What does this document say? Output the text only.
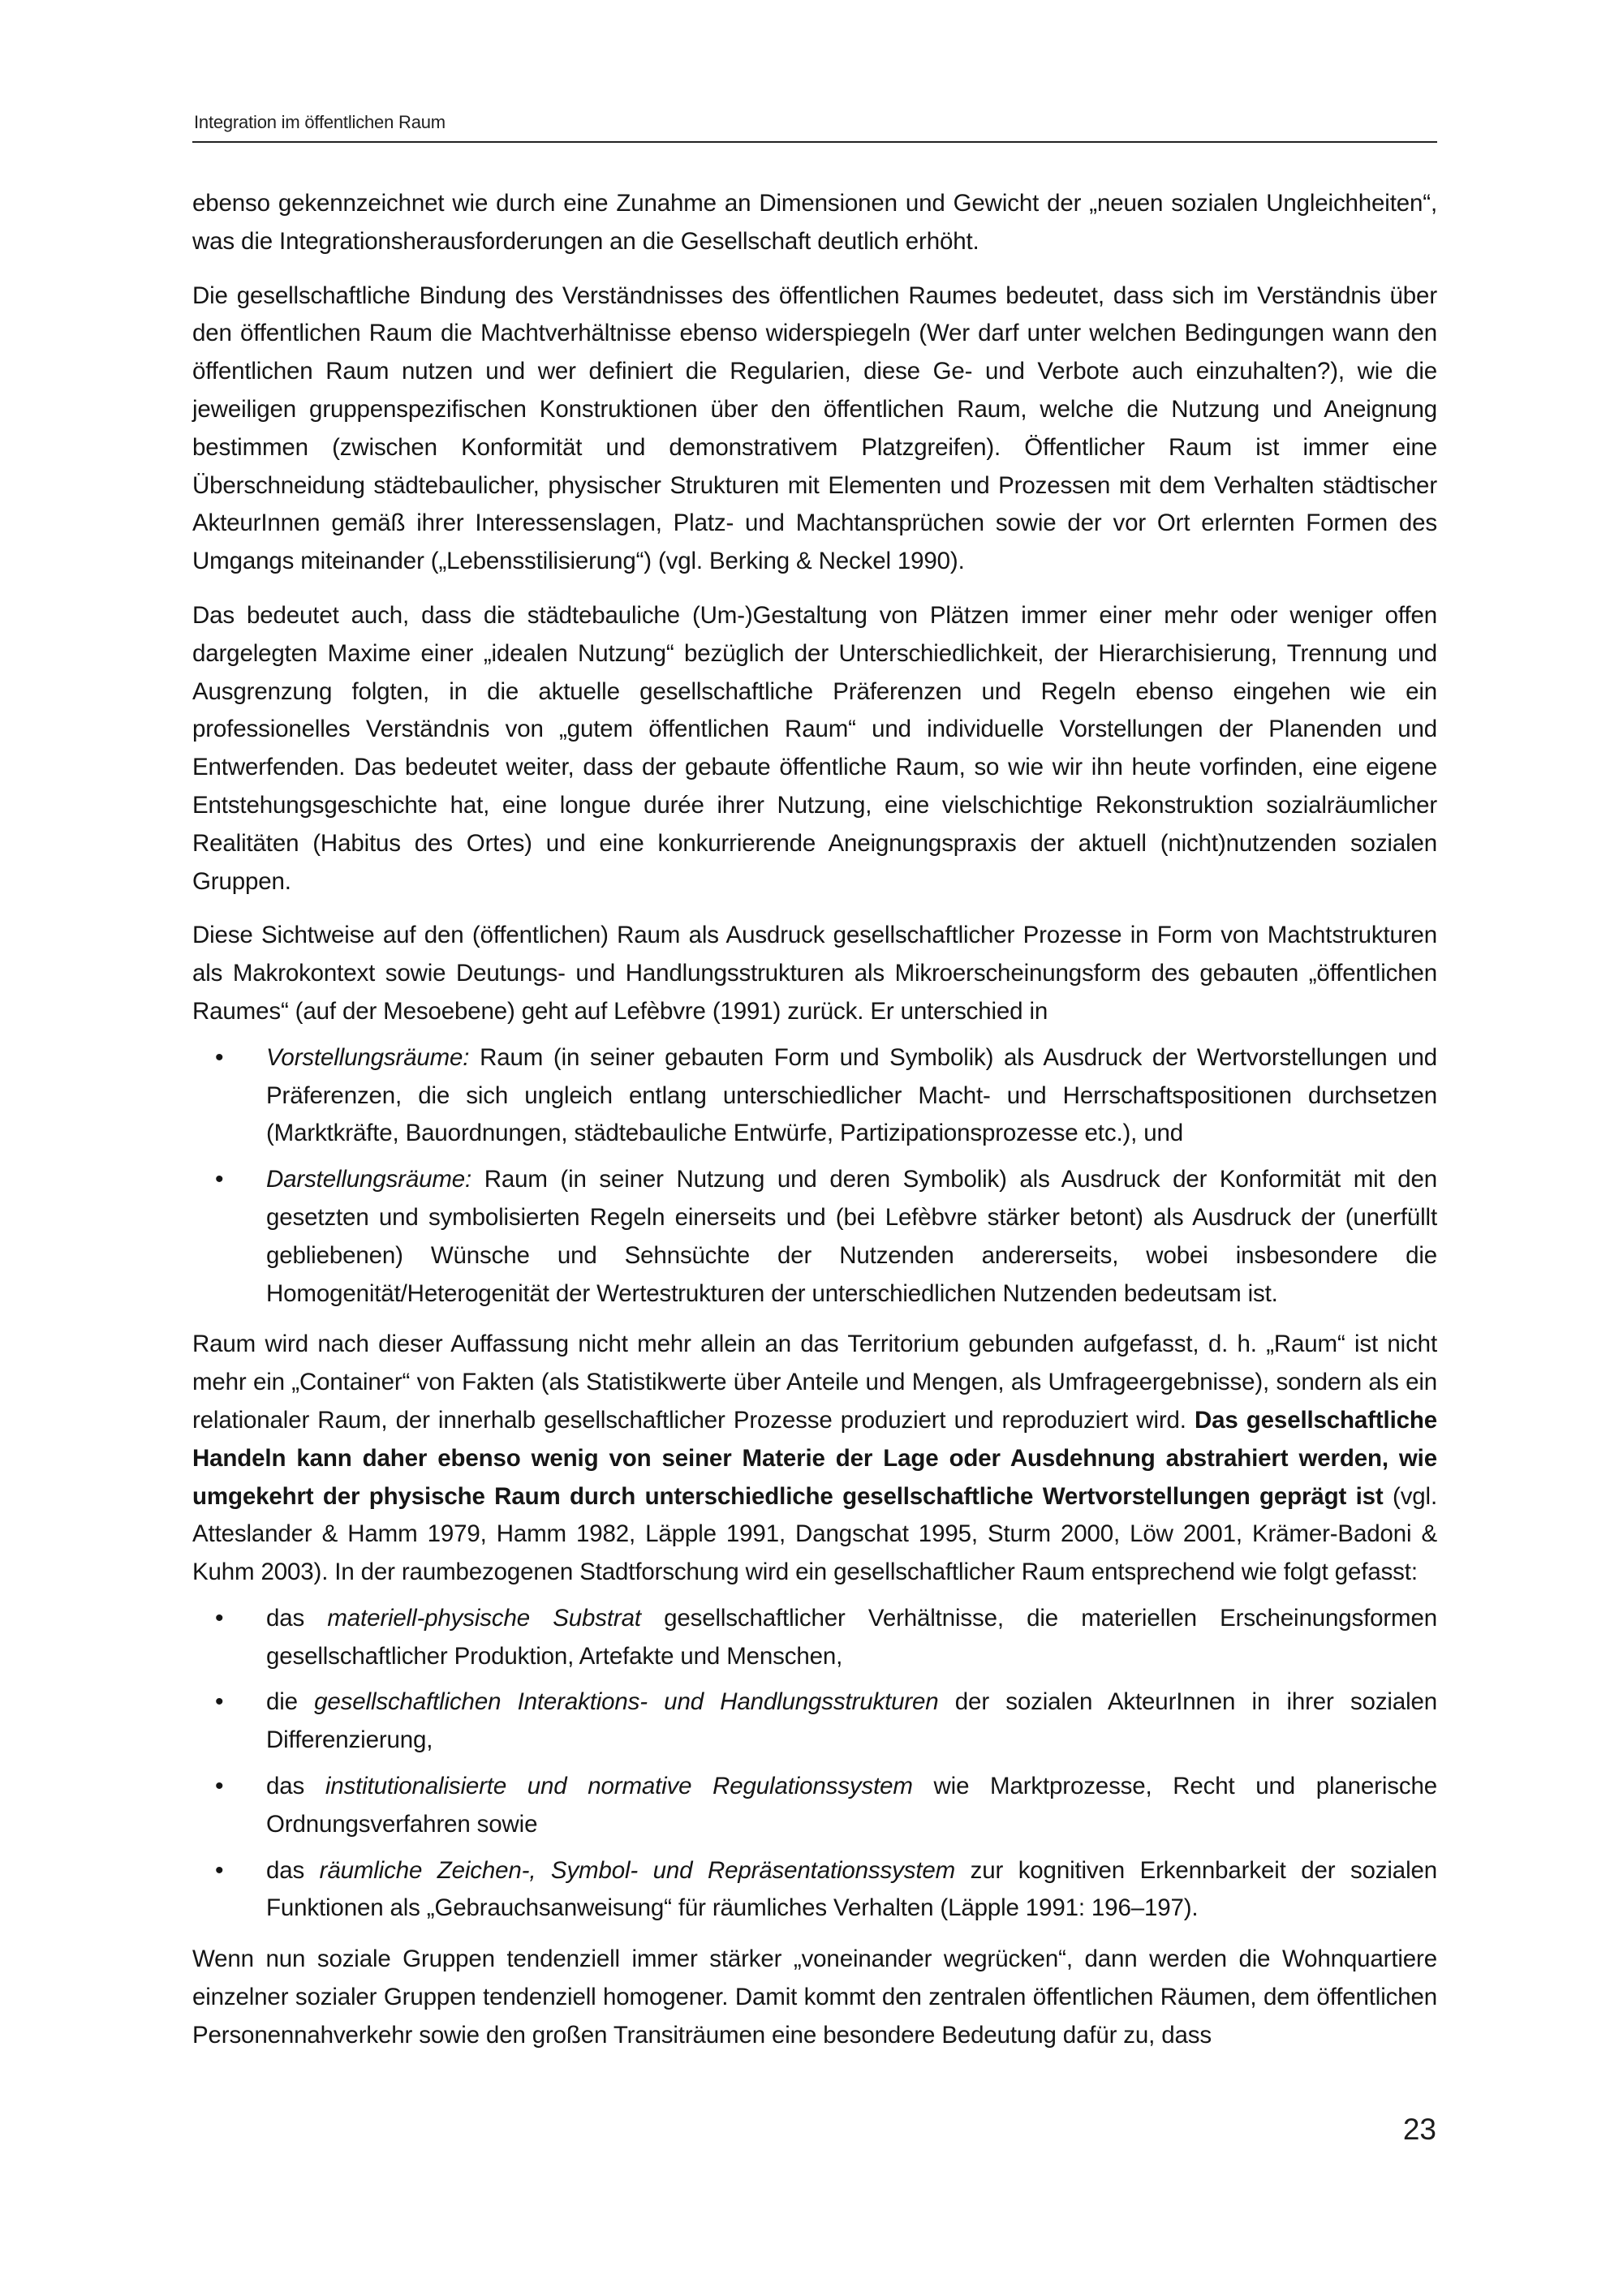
Integration im öffentlichen Raum

ebenso gekennzeichnet wie durch eine Zunahme an Dimensionen und Gewicht der „neuen sozialen Ungleichheiten“, was die Integrationsherausforderungen an die Gesellschaft deutlich erhöht.

Die gesellschaftliche Bindung des Verständnisses des öffentlichen Raumes bedeutet, dass sich im Verständnis über den öffentlichen Raum die Machtverhältnisse ebenso widerspiegeln (Wer darf unter welchen Bedingungen wann den öffentlichen Raum nutzen und wer definiert die Regularien, diese Ge- und Verbote auch einzuhalten?), wie die jeweiligen gruppenspezifischen Konstruktionen über den öffentlichen Raum, welche die Nutzung und Aneignung bestimmen (zwischen Konformität und demonstrativem Platzgreifen). Öffentlicher Raum ist immer eine Überschneidung städtebaulicher, physischer Strukturen mit Elementen und Prozessen mit dem Verhalten städtischer AkteurInnen gemäß ihrer Interessenslagen, Platz- und Machtansprüchen sowie der vor Ort erlernten Formen des Umgangs miteinander („Lebensstilisierung“) (vgl. Berking & Neckel 1990).

Das bedeutet auch, dass die städtebauliche (Um-)Gestaltung von Plätzen immer einer mehr oder weniger offen dargelegten Maxime einer „idealen Nutzung“ bezüglich der Unterschiedlichkeit, der Hierarchisierung, Trennung und Ausgrenzung folgten, in die aktuelle gesellschaftliche Präferenzen und Regeln ebenso eingehen wie ein professionelles Verständnis von „gutem öffentlichen Raum“ und individuelle Vorstellungen der Planenden und Entwerfenden. Das bedeutet weiter, dass der gebaute öffentliche Raum, so wie wir ihn heute vorfinden, eine eigene Entstehungsgeschichte hat, eine longue durée ihrer Nutzung, eine vielschichtige Rekonstruktion sozialräumlicher Realitäten (Habitus des Ortes) und eine konkurrierende Aneignungspraxis der aktuell (nicht)nutzenden sozialen Gruppen.

Diese Sichtweise auf den (öffentlichen) Raum als Ausdruck gesellschaftlicher Prozesse in Form von Machtstrukturen als Makrokontext sowie Deutungs- und Handlungsstrukturen als Mikroerscheinungsform des gebauten „öffentlichen Raumes“ (auf der Mesoebene) geht auf Lefèbvre (1991) zurück. Er unterschied in

• Vorstellungsräume: Raum (in seiner gebauten Form und Symbolik) als Ausdruck der Wertvorstellungen und Präferenzen, die sich ungleich entlang unterschiedlicher Macht- und Herrschaftspositionen durchsetzen (Marktkräfte, Bauordnungen, städtebauliche Entwürfe, Partizipationsprozesse etc.), und
• Darstellungsräume: Raum (in seiner Nutzung und deren Symbolik) als Ausdruck der Konformität mit den gesetzten und symbolisierten Regeln einerseits und (bei Lefèbvre stärker betont) als Ausdruck der (unerfüllt gebliebenen) Wünsche und Sehnsüchte der Nutzenden andererseits, wobei insbesondere die Homogenität/Heterogenität der Wertestrukturen der unterschiedlichen Nutzenden bedeutsam ist.

Raum wird nach dieser Auffassung nicht mehr allein an das Territorium gebunden aufgefasst, d. h. „Raum“ ist nicht mehr ein „Container“ von Fakten (als Statistikwerte über Anteile und Mengen, als Umfrageergebnisse), sondern als ein relationaler Raum, der innerhalb gesellschaftlicher Prozesse produziert und reproduziert wird. Das gesellschaftliche Handeln kann daher ebenso wenig von seiner Materie der Lage oder Ausdehnung abstrahiert werden, wie umgekehrt der physische Raum durch unterschiedliche gesellschaftliche Wertvorstellungen geprägt ist (vgl. Atteslander & Hamm 1979, Hamm 1982, Läpple 1991, Dangschat 1995, Sturm 2000, Löw 2001, Krämer-Badoni & Kuhm 2003). In der raumbezogenen Stadtforschung wird ein gesellschaftlicher Raum entsprechend wie folgt gefasst:

• das materiell-physische Substrat gesellschaftlicher Verhältnisse, die materiellen Erscheinungsformen gesellschaftlicher Produktion, Artefakte und Menschen,
• die gesellschaftlichen Interaktions- und Handlungsstrukturen der sozialen AkteurInnen in ihrer sozialen Differenzierung,
• das institutionalisierte und normative Regulationssystem wie Marktprozesse, Recht und planerische Ordnungsverfahren sowie
• das räumliche Zeichen-, Symbol- und Repräsentationssystem zur kognitiven Erkennbarkeit der sozialen Funktionen als „Gebrauchsanweisung“ für räumliches Verhalten (Läpple 1991: 196–197).

Wenn nun soziale Gruppen tendenziell immer stärker „voneinander wegrücken“, dann werden die Wohnquartiere einzelner sozialer Gruppen tendenziell homogener. Damit kommt den zentralen öffentlichen Räumen, dem öffentlichen Personennahverkehr sowie den großen Transiträumen eine besondere Bedeutung dafür zu, dass

23
